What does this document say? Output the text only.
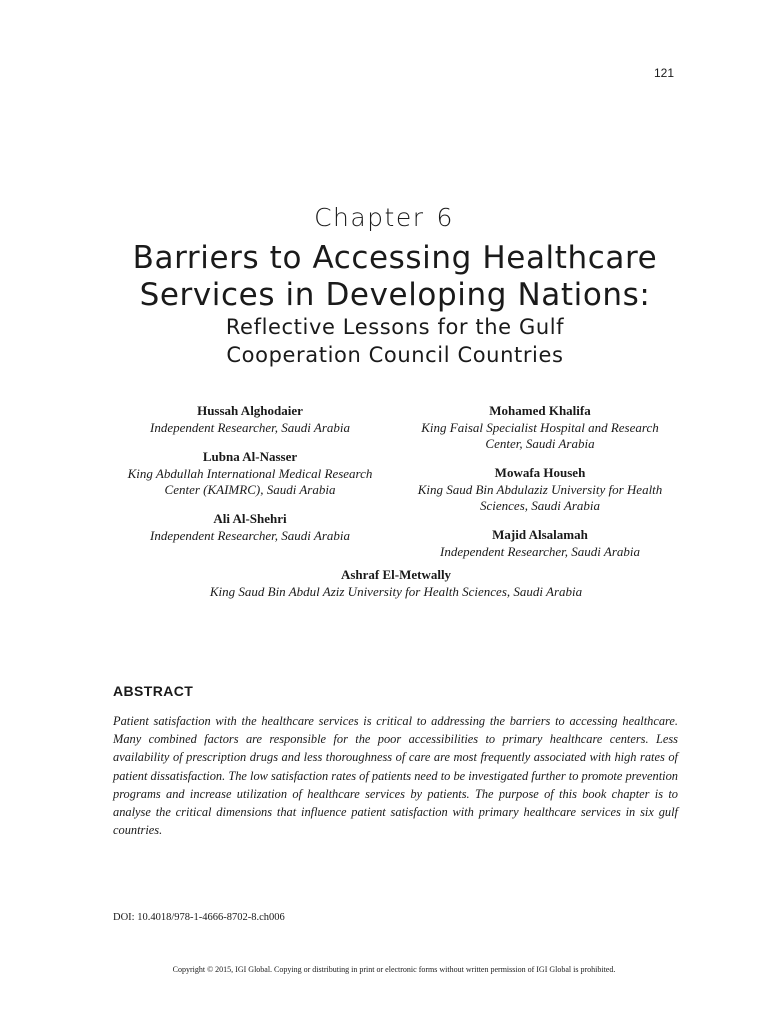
121
Chapter 6
Barriers to Accessing Healthcare
Services in Developing Nations:
Reflective Lessons for the Gulf
Cooperation Council Countries
Hussah Alghodaier
Independent Researcher, Saudi Arabia
Lubna Al-Nasser
King Abdullah International Medical Research Center (KAIMRC), Saudi Arabia
Ali Al-Shehri
Independent Researcher, Saudi Arabia
Mohamed Khalifa
King Faisal Specialist Hospital and Research Center, Saudi Arabia
Mowafa Househ
King Saud Bin Abdulaziz University for Health Sciences, Saudi Arabia
Majid Alsalamah
Independent Researcher, Saudi Arabia
Ashraf El-Metwally
King Saud Bin Abdul Aziz University for Health Sciences, Saudi Arabia
ABSTRACT
Patient satisfaction with the healthcare services is critical to addressing the barriers to accessing healthcare. Many combined factors are responsible for the poor accessibilities to primary healthcare centers. Less availability of prescription drugs and less thoroughness of care are most frequently associated with high rates of patient dissatisfaction. The low satisfaction rates of patients need to be investigated further to promote prevention programs and increase utilization of healthcare services by patients. The purpose of this book chapter is to analyse the critical dimensions that influence patient satisfaction with primary healthcare services in six gulf countries.
DOI: 10.4018/978-1-4666-8702-8.ch006
Copyright © 2015, IGI Global. Copying or distributing in print or electronic forms without written permission of IGI Global is prohibited.
